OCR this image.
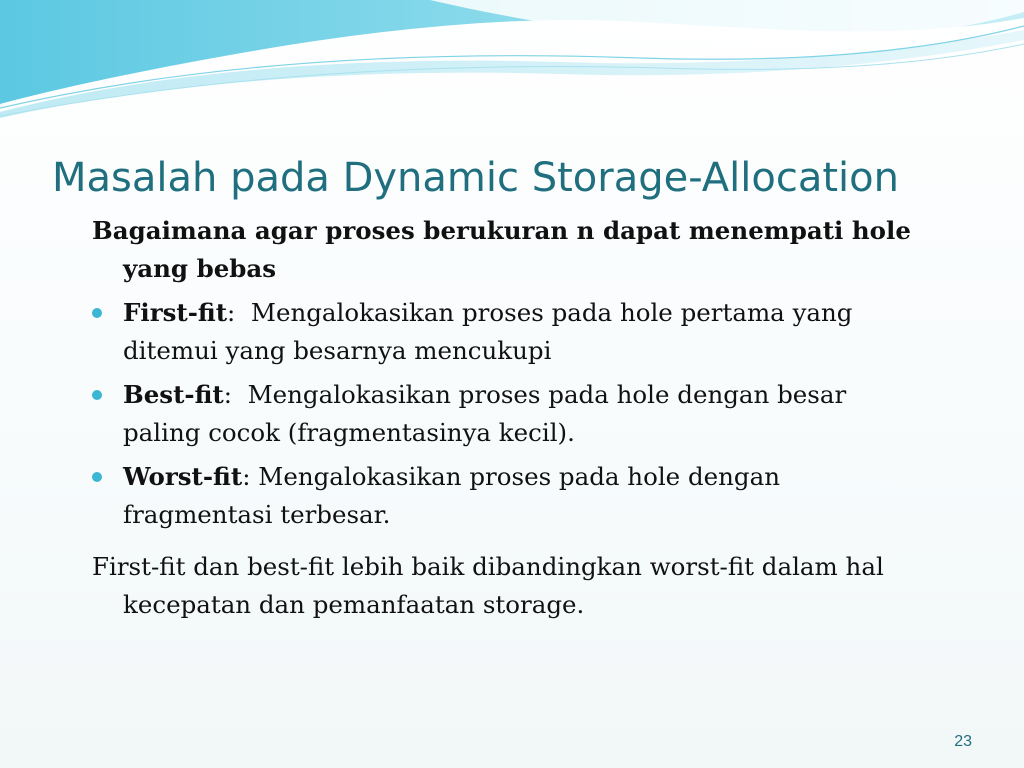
Masalah pada Dynamic Storage-Allocation

Bagaimana agar proses berukuran n dapat menempati hole yang bebas

First-fit:  Mengalokasikan proses pada hole pertama yang ditemui yang besarnya mencukupi
Best-fit:  Mengalokasikan proses pada hole dengan besar paling cocok (fragmentasinya kecil).
Worst-fit: Mengalokasikan proses pada hole dengan fragmentasi terbesar.

First-fit dan best-fit lebih baik dibandingkan worst-fit dalam hal kecepatan dan pemanfaatan storage.

23
